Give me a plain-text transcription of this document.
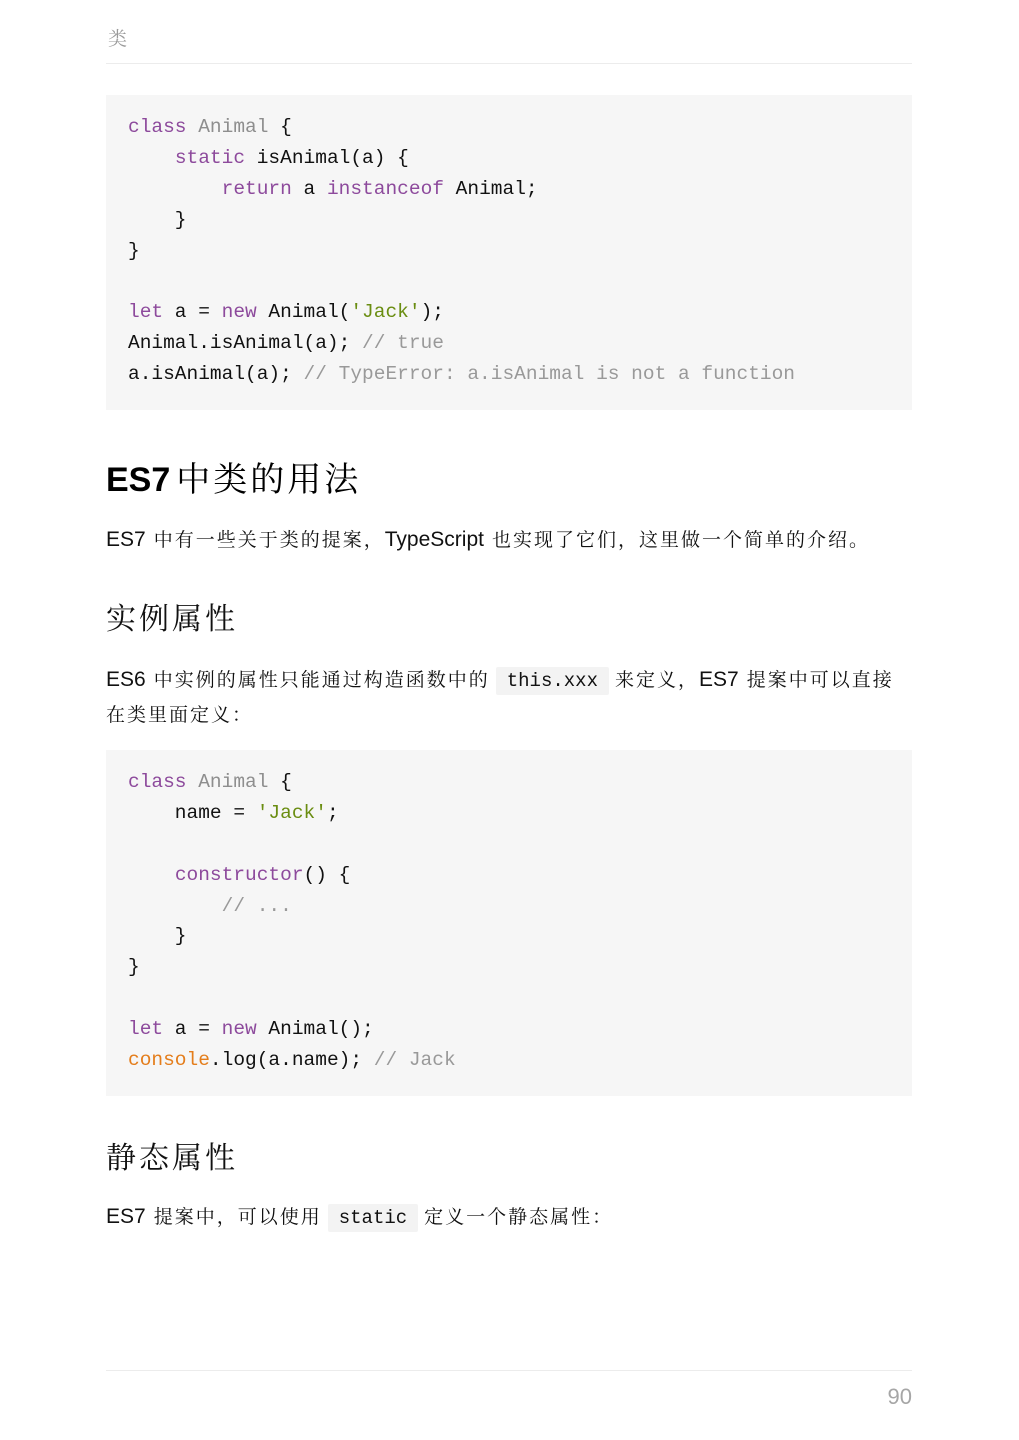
类
class Animal {
static isAnimal(a) {
return a instanceof Animal;
}
}

let a = new Animal('Jack');
Animal.isAnimal(a); // true
a.isAnimal(a); // TypeError: a.isAnimal is not a function
ES7 中类的用法
ES7 中有一些关于类的提案，TypeScript 也实现了它们，这里做一个简单的介绍。
实例属性
ES6 中实例的属性只能通过构造函数中的 this.xxx 来定义，ES7 提案中可以直接在类里面定义：
class Animal {
name = 'Jack';

constructor() {
// ...
}
}

let a = new Animal();
console.log(a.name); // Jack
静态属性
ES7 提案中，可以使用 static 定义一个静态属性：
90
